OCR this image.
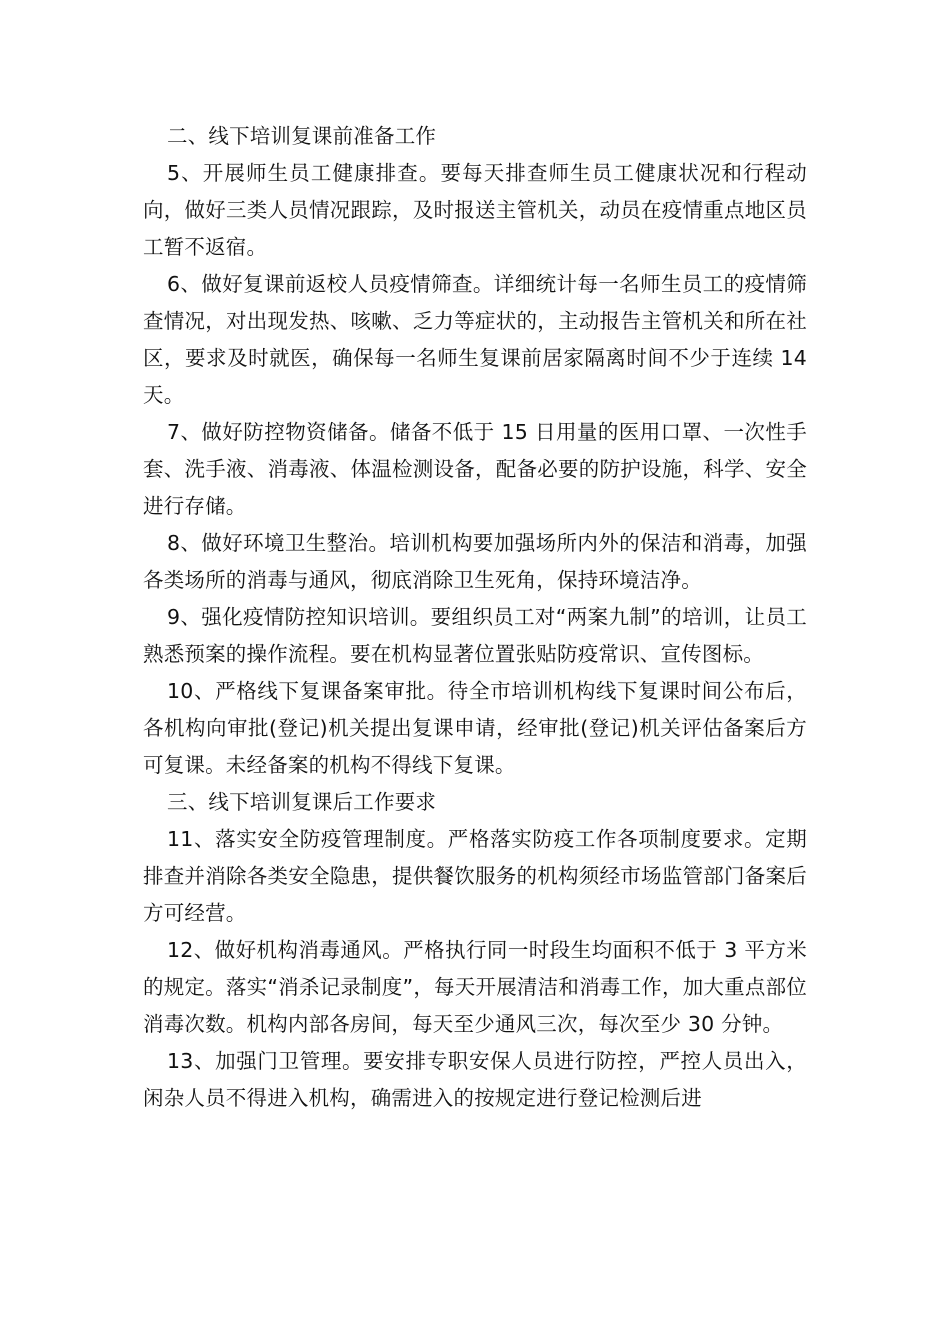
二、线下培训复课前准备工作

5、开展师生员工健康排查。要每天排查师生员工健康状况和行程动向，做好三类人员情况跟踪，及时报送主管机关，动员在疫情重点地区员工暂不返宿。

6、做好复课前返校人员疫情筛查。详细统计每一名师生员工的疫情筛查情况，对出现发热、咳嗽、乏力等症状的，主动报告主管机关和所在社区，要求及时就医，确保每一名师生复课前居家隔离时间不少于连续 14 天。

7、做好防控物资储备。储备不低于 15 日用量的医用口罩、一次性手套、洗手液、消毒液、体温检测设备，配备必要的防护设施，科学、安全进行存储。

8、做好环境卫生整治。培训机构要加强场所内外的保洁和消毒，加强各类场所的消毒与通风，彻底消除卫生死角，保持环境洁净。

9、强化疫情防控知识培训。要组织员工对“两案九制”的培训，让员工熟悉预案的操作流程。要在机构显著位置张贴防疫常识、宣传图标。

10、严格线下复课备案审批。待全市培训机构线下复课时间公布后，各机构向审批(登记)机关提出复课申请，经审批(登记)机关评估备案后方可复课。未经备案的机构不得线下复课。

三、线下培训复课后工作要求

11、落实安全防疫管理制度。严格落实防疫工作各项制度要求。定期排查并消除各类安全隐患，提供餐饮服务的机构须经市场监管部门备案后方可经营。

12、做好机构消毒通风。严格执行同一时段生均面积不低于 3 平方米的规定。落实“消杀记录制度”，每天开展清洁和消毒工作，加大重点部位消毒次数。机构内部各房间，每天至少通风三次，每次至少 30 分钟。

13、加强门卫管理。要安排专职安保人员进行防控，严控人员出入，闲杂人员不得进入机构，确需进入的按规定进行登记检测后进
